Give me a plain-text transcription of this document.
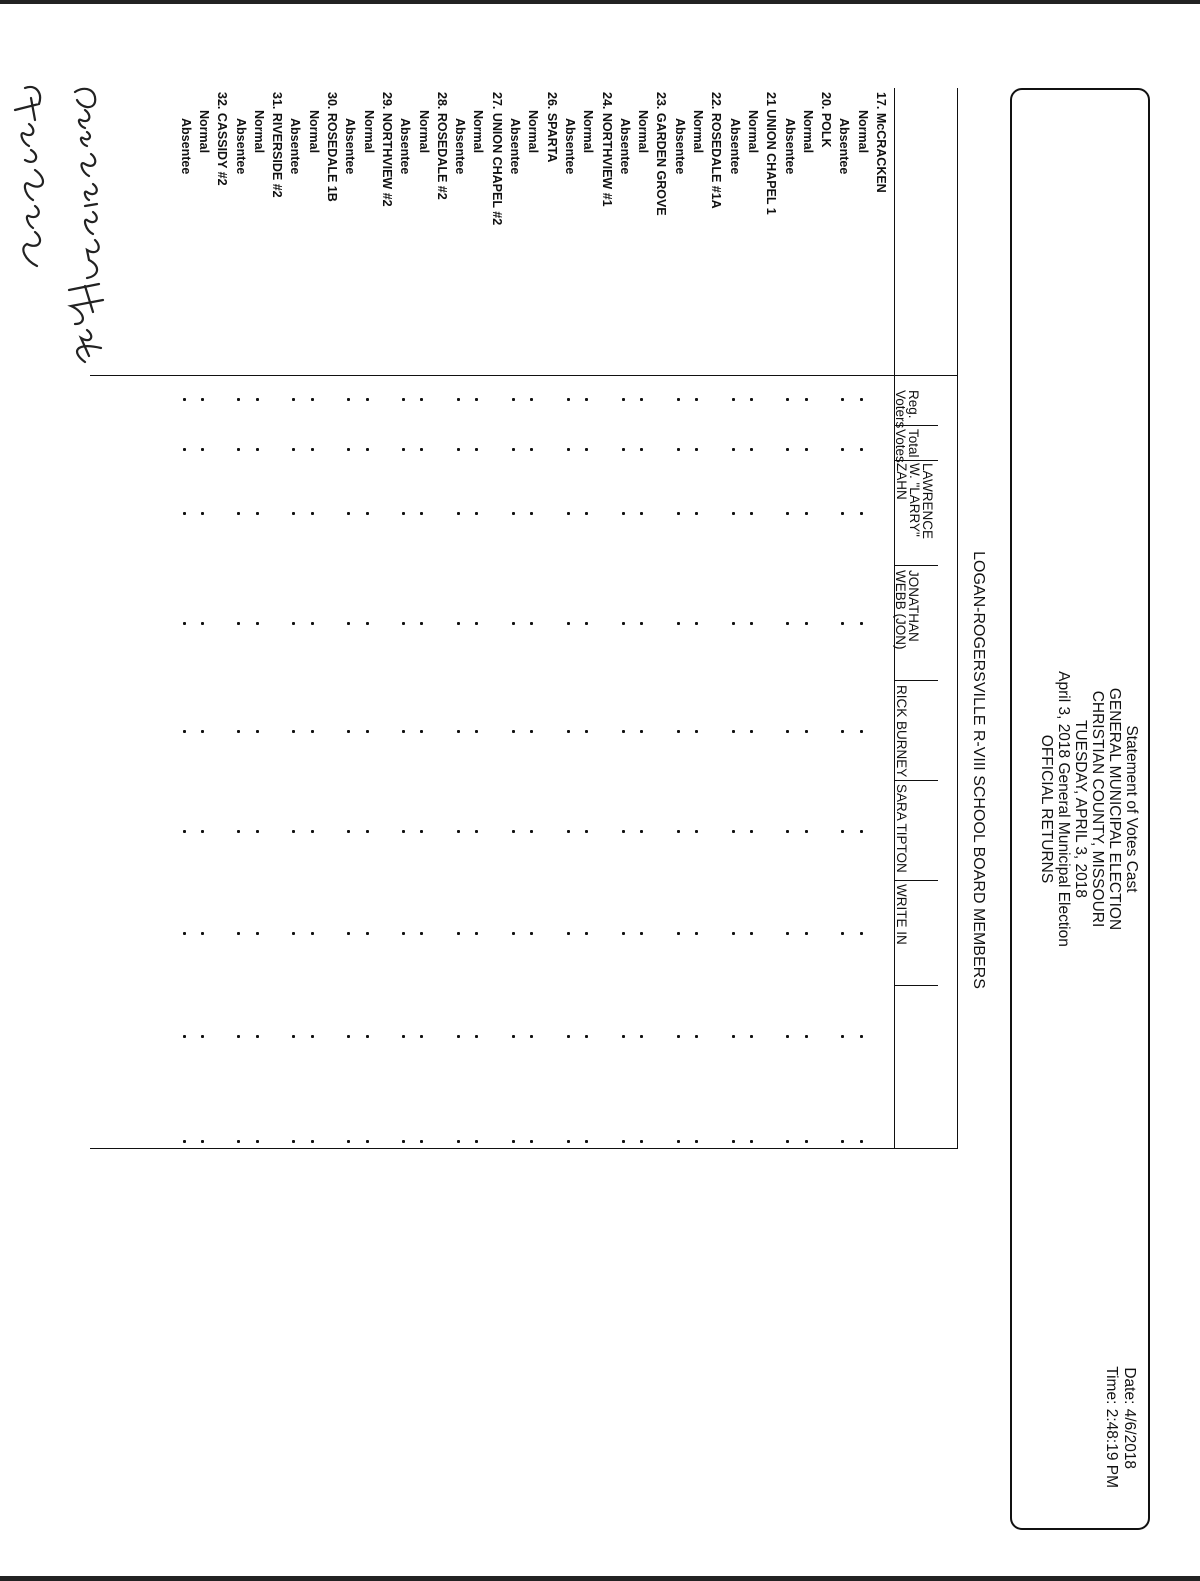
Statement of Votes Cast
GENERAL MUNICIPAL ELECTION
CHRISTIAN COUNTY, MISSOURI
TUESDAY, APRIL 3, 2018
April 3, 2018 General Municipal Election
OFFICIAL RETURNS
Date: 4/6/2018
Time: 2:48:19 PM
LOGAN-ROGERSVILLE R-VIII SCHOOL BOARD MEMBERS
Reg.
Voters
Total
Votes
LAWRENCE
W. "LARRY"
ZAHN
JONATHAN
WEBB (JON)
RICK BURNEY
SARA TIPTON
WRITE IN
17. McCRACKEN
Normal
Absentee
20. POLK
Normal
Absentee
21 UNION CHAPEL 1
Normal
Absentee
22. ROSEDALE #1A
Normal
Absentee
23. GARDEN GROVE
Normal
Absentee
24. NORTHVIEW #1
Normal
Absentee
26. SPARTA
Normal
Absentee
27. UNION CHAPEL #2
Normal
Absentee
28. ROSEDALE #2
Normal
Absentee
29. NORTHVIEW #2
Normal
Absentee
30. ROSEDALE 1B
Normal
Absentee
31. RIVERSIDE #2
Normal
Absentee
32. CASSIDY #2
Normal
Absentee
